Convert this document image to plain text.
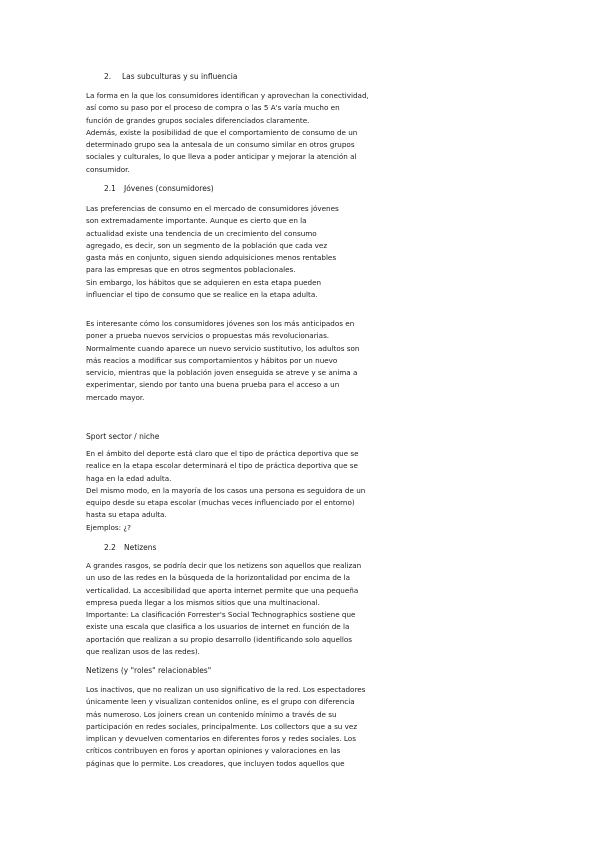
2. Las subculturas y su influencia

La forma en la que los consumidores identifican y aprovechan la conectividad,
así como su paso por el proceso de compra o las 5 A's varía mucho en
función de grandes grupos sociales diferenciados claramente.
Además, existe la posibilidad de que el comportamiento de consumo de un
determinado grupo sea la antesala de un consumo similar en otros grupos
sociales y culturales, lo que lleva a poder anticipar y mejorar la atención al
consumidor.

2.1 Jóvenes (consumidores)

Las preferencias de consumo en el mercado de consumidores jóvenes
son extremadamente importante. Aunque es cierto que en la
actualidad existe una tendencia de un crecimiento del consumo
agregado, es decir, son un segmento de la población que cada vez
gasta más en conjunto, siguen siendo adquisiciones menos rentables
para las empresas que en otros segmentos poblacionales.
Sin embargo, los hábitos que se adquieren en esta etapa pueden
influenciar el tipo de consumo que se realice en la etapa adulta.

Es interesante cómo los consumidores jóvenes son los más anticipados en
poner a prueba nuevos servicios o propuestas más revolucionarias.
Normalmente cuando aparece un nuevo servicio sustitutivo, los adultos son
más reacios a modificar sus comportamientos y hábitos por un nuevo
servicio, mientras que la población joven enseguida se atreve y se anima a
experimentar, siendo por tanto una buena prueba para el acceso a un
mercado mayor.

Sport sector / niche

En el ámbito del deporte está claro que el tipo de práctica deportiva que se
realice en la etapa escolar determinará el tipo de práctica deportiva que se
haga en la edad adulta.
Del mismo modo, en la mayoría de los casos una persona es seguidora de un
equipo desde su etapa escolar (muchas veces influenciado por el entorno)
hasta su etapa adulta.
Ejemplos: ¿?

2.2 Netizens

A grandes rasgos, se podría decir que los netizens son aquellos que realizan
un uso de las redes en la búsqueda de la horizontalidad por encima de la
verticalidad. La accesibilidad que aporta internet permite que una pequeña
empresa pueda llegar a los mismos sitios que una multinacional.
Importante: La clasificación Forrester's Social Technographics sostiene que
existe una escala que clasifica a los usuarios de internet en función de la
aportación que realizan a su propio desarrollo (identificando solo aquellos
que realizan usos de las redes).

Netizens (y "roles" relacionables"

Los inactivos, que no realizan un uso significativo de la red. Los espectadores
únicamente leen y visualizan contenidos online, es el grupo con diferencia
más numeroso. Los joiners crean un contenido mínimo a través de su
participación en redes sociales, principalmente. Los collectors que a su vez
implican y devuelven comentarios en diferentes foros y redes sociales. Los
críticos contribuyen en foros y aportan opiniones y valoraciones en las
páginas que lo permite. Los creadores, que incluyen todos aquellos que
